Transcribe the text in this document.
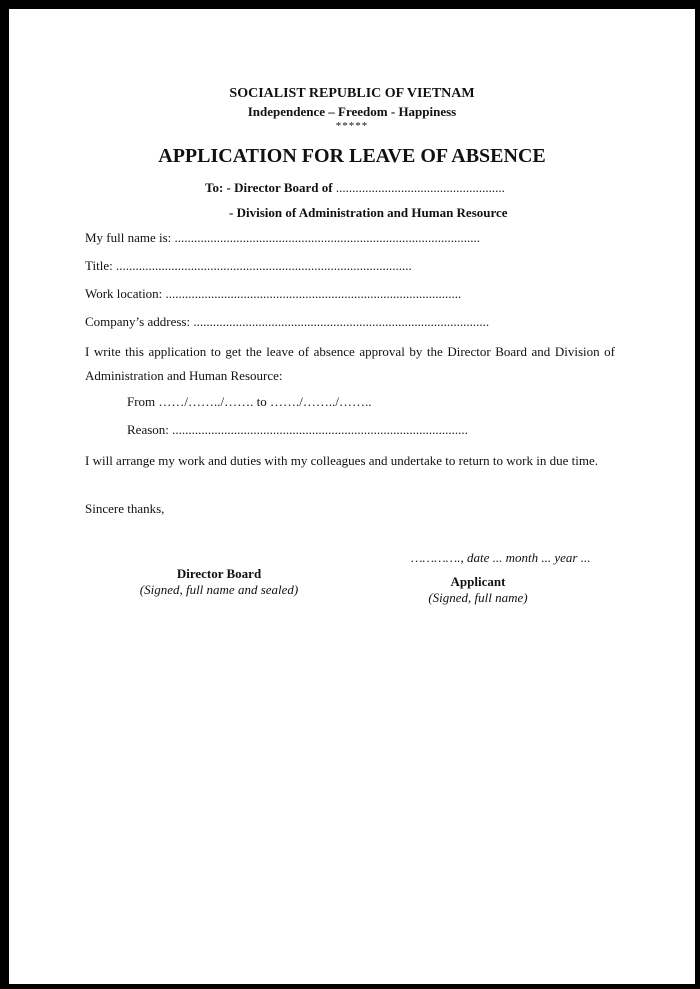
SOCIALIST REPUBLIC OF VIETNAM
Independence – Freedom - Happiness
*****
APPLICATION FOR LEAVE OF ABSENCE
To: - Director Board of ....................................................
- Division of Administration and Human Resource
My full name is: ..............................................................................................
Title: ...........................................................................................
Work location: ...........................................................................................
Company’s address: ...........................................................................................
I write this application to get the leave of absence approval by the Director Board and Division of Administration and Human Resource:
From ……/……../……. to ……./……../……..
Reason: ...........................................................................................
I will arrange my work and duties with my colleagues and undertake to return to work in due time.
Sincere thanks,
…………., date ... month ... year ...
Director Board
(Signed, full name and sealed)
Applicant
(Signed, full name)
